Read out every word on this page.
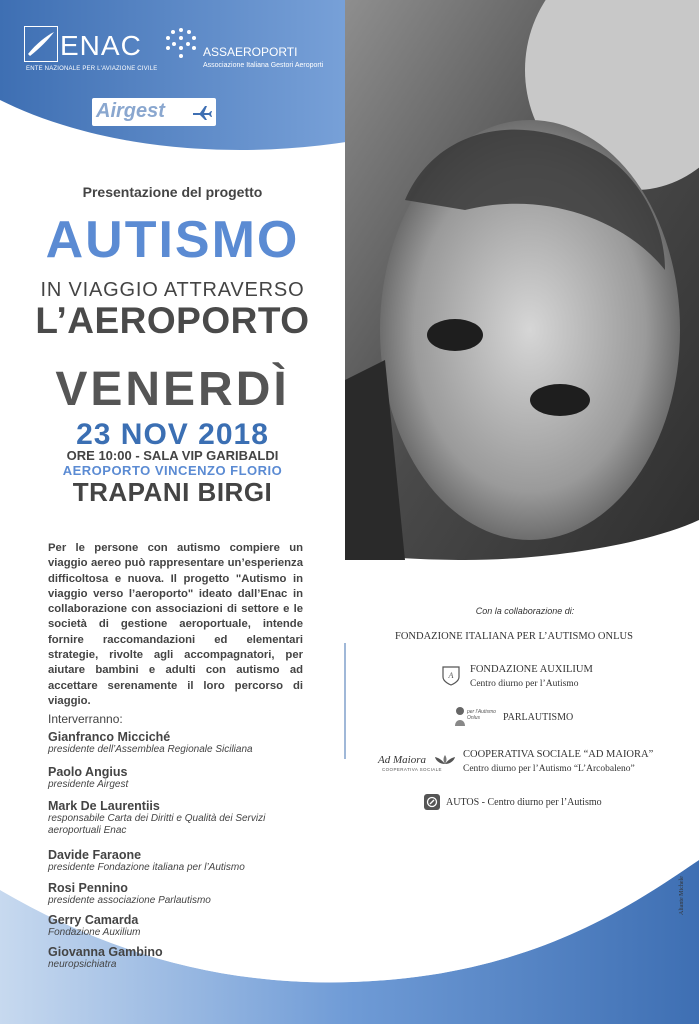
ENAC
ENTE NAZIONALE PER L'AVIAZIONE CIVILE
ASSAEROPORTI
Associazione Italiana Gestori Aeroporti
Airgest
Presentazione del progetto
AUTISMO
IN VIAGGIO ATTRAVERSO
L’AEROPORTO
VENERDÌ
23 NOV 2018
ORE 10:00 - SALA VIP GARIBALDI
AEROPORTO VINCENZO FLORIO
TRAPANI BIRGI
Per le persone con autismo compiere un viaggio aereo può rappresentare un’esperienza difficoltosa e nuova. Il progetto "Autismo in viaggio verso l’aeroporto" ideato dall’Enac in collaborazione con associazioni di settore e le società di gestione aeroportuale, intende fornire raccomandazioni ed elementari strategie, rivolte agli accompagnatori, per aiutare bambini e adulti con autismo ad accettare serenamente il loro percorso di viaggio.
Interverranno:
Gianfranco Micciché
presidente dell’Assemblea Regionale Siciliana
Paolo Angius
presidente Airgest
Mark De Laurentiis
responsabile Carta dei Diritti e Qualità dei Servizi aeroportuali Enac
Davide Faraone
presidente Fondazione italiana per l’Autismo
Rosi Pennino
presidente associazione Parlautismo
Gerry Camarda
Fondazione Auxilium
Giovanna Gambino
neuropsichiatra
Con la collaborazione di:
FONDAZIONE ITALIANA PER L’AUTISMO ONLUS
A
FONDAZIONE AUXILIUM
Centro diurno per l’Autismo
per l’Autismo Onlus	PARLAUTISMO
Ad Maiora
COOPERATIVA SOCIALE
COOPERATIVA SOCIALE “AD MAIORA”
Centro diurno per l’Autismo “L’Arcobaleno”
AUTOS - Centro diurno per l’Autismo
Aliante Michele
